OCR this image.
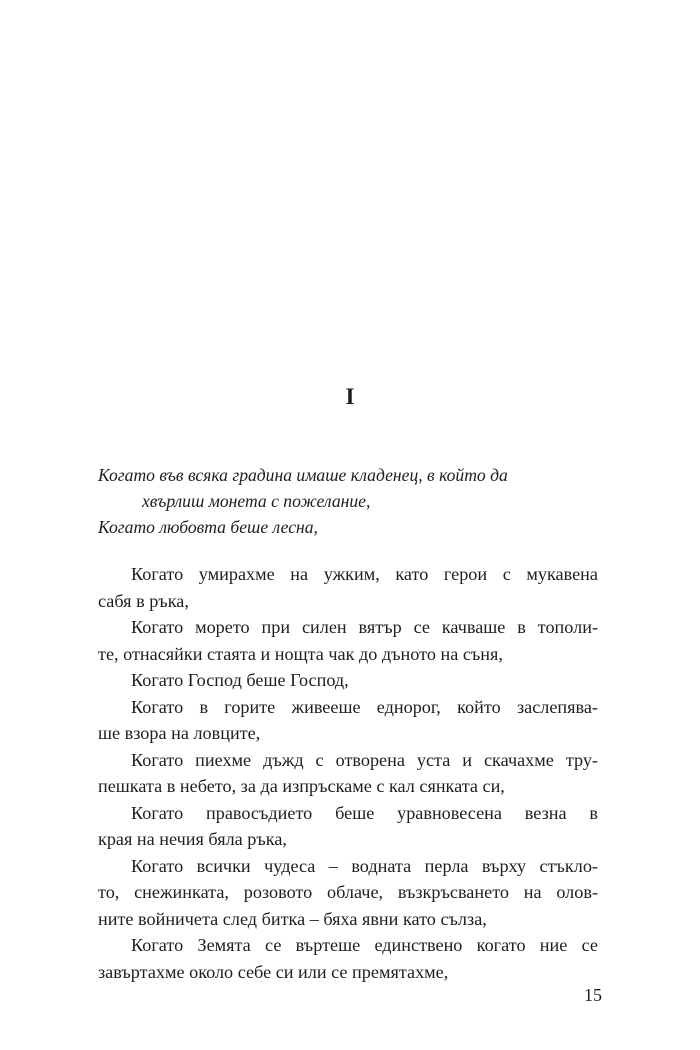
I

Когато във всяка градина имаше кладенец, в който да

хвърлиш монета с пожелание,

Когато любовта беше лесна,

Когато умирахме на ужким, като герои с мукавена

сабя в ръка,

Когато морето при силен вятър се качваше в тополи-

те, отнасяйки стаята и нощта чак до дъното на съня,

Когато Господ беше Господ,

Когато в горите живееше еднорог, който заслепява-

ше взора на ловците,

Когато пиехме дъжд с отворена уста и скачахме тру-

пешката в небето, за да изпръскаме с кал сянката си,

Когато правосъдието беше уравновесена везна в

края на нечия бяла ръка,

Когато всички чудеса – водната перла върху стъкло-

то, снежинката, розовото облаче, възкръсването на олов-

ните войничета след битка – бяха явни като сълза,

Когато Земята се въртеше единствено когато ние се

завъртахме около себе си или се премятахме,

15
